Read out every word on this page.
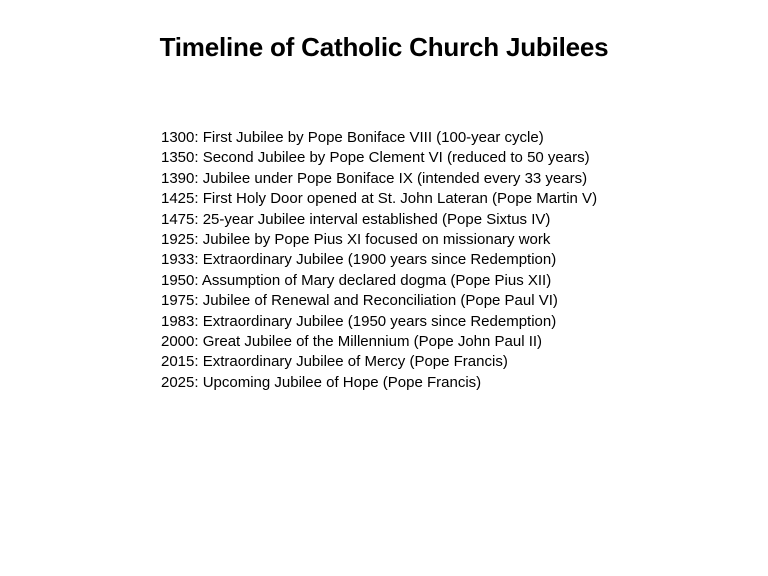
Timeline of Catholic Church Jubilees
1300: First Jubilee by Pope Boniface VIII (100-year cycle)
1350: Second Jubilee by Pope Clement VI (reduced to 50 years)
1390: Jubilee under Pope Boniface IX (intended every 33 years)
1425: First Holy Door opened at St. John Lateran (Pope Martin V)
1475: 25-year Jubilee interval established (Pope Sixtus IV)
1925: Jubilee by Pope Pius XI focused on missionary work
1933: Extraordinary Jubilee (1900 years since Redemption)
1950: Assumption of Mary declared dogma (Pope Pius XII)
1975: Jubilee of Renewal and Reconciliation (Pope Paul VI)
1983: Extraordinary Jubilee (1950 years since Redemption)
2000: Great Jubilee of the Millennium (Pope John Paul II)
2015: Extraordinary Jubilee of Mercy (Pope Francis)
2025: Upcoming Jubilee of Hope (Pope Francis)
